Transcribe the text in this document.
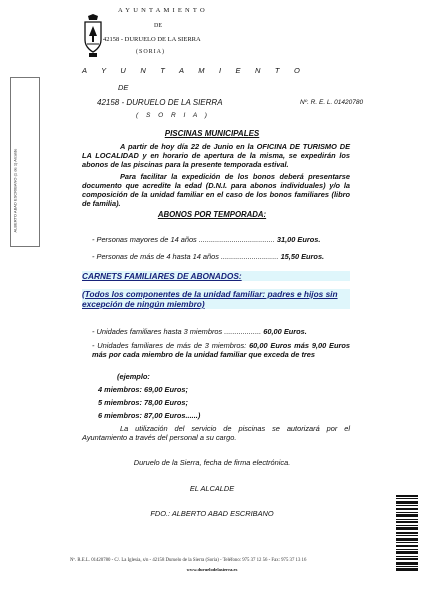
AYUNTAMIENTO
DE
42158 - DURUELO DE LA SIERRA
(SORIA)
A Y U N T A M I E N T O
DE
42158 - DURUELO DE LA SIERRA	Nº. R. E. L. 01420780
( S O R I A )
ALBERTO ABAD ESCRIBANO (1 de 1) Alcalde
PISCINAS MUNICIPALES
A partir de hoy día 22 de Junio en la OFICINA DE TURISMO DE LA LOCALIDAD y en horario de apertura de la misma, se expedirán los abonos de las piscinas para la presente temporada estival.
Para facilitar la expedición de los bonos deberá presentarse documento que acredite la edad (D.N.I. para abonos individuales) y/o la composición de la unidad familiar en el caso de los bonos familiares (libro de familia).
ABONOS POR TEMPORADA:
- Personas mayores de 14 años ..................................... 31,00 Euros.
- Personas de más de 4 hasta 14 años ............................ 15,50 Euros.
CARNETS FAMILIARES DE ABONADOS:
(Todos los componentes de la unidad familiar: padres e hijos sin excepción de ningún miembro)
- Unidades familiares hasta 3 miembros .................. 60,00 Euros.
- Unidades familiares de más de 3 miembros: 60,00 Euros más 9,00 Euros más por cada miembro de la unidad familiar que exceda de tres
(ejemplo:
4 miembros: 69,00 Euros;
5 miembros: 78,00 Euros;
6 miembros: 87,00 Euros......)
La utilización del servicio de piscinas se autorizará por el Ayuntamiento a través del personal a su cargo.
Duruelo de la Sierra, fecha de firma electrónica.
EL ALCALDE
FDO.: ALBERTO ABAD ESCRIBANO
Nº. R.E.L. 01420780 - C/. La Iglesia, s/n - 42158 Duruelo de la Sierra (Soria) - Teléfono: 975 37 12 56 - Fax: 975 37 13 16
www.duruelodelasierra.es
